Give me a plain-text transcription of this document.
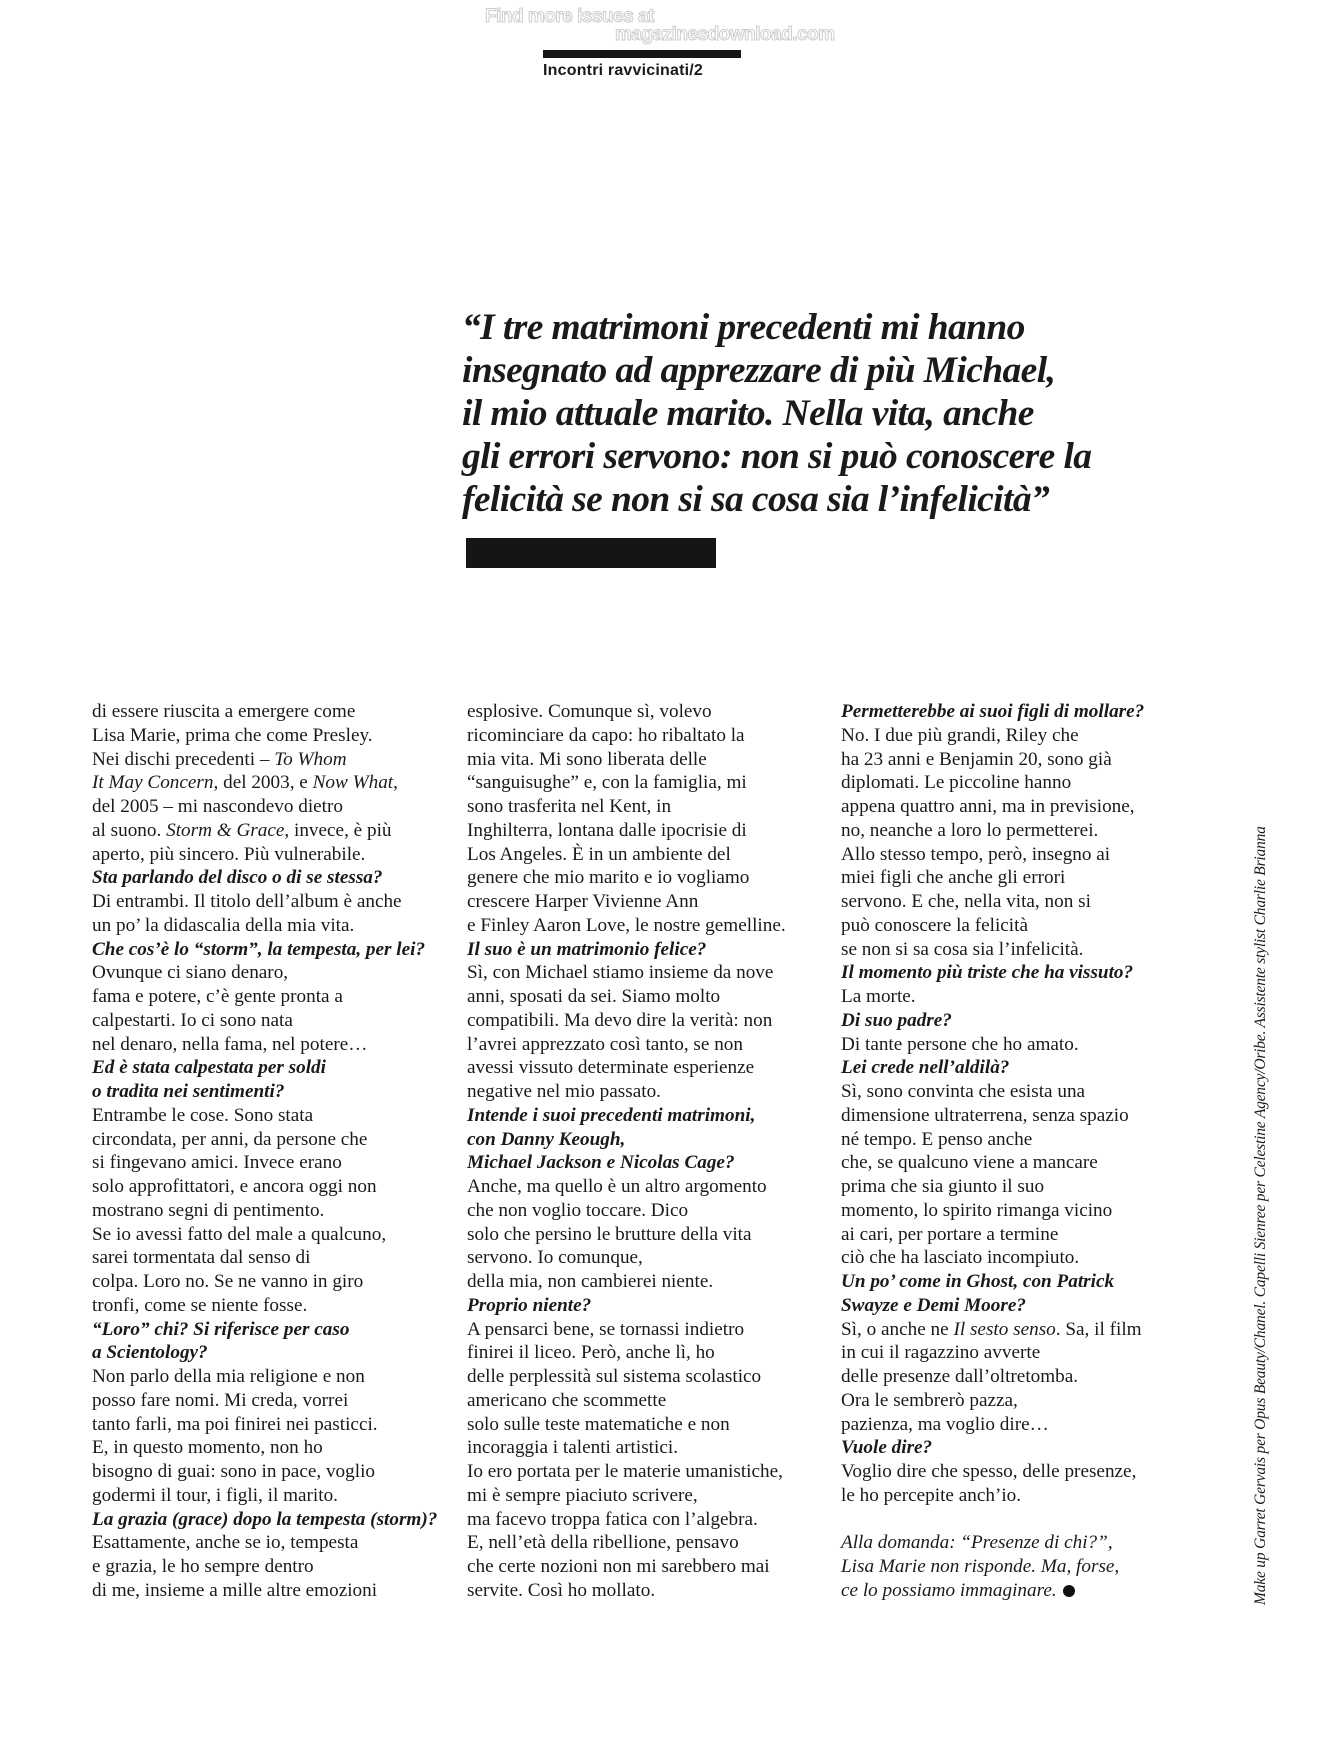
Find more issues at
magazinesdownload.com
Incontri ravvicinati/2
“I tre matrimoni precedenti mi hanno
insegnato ad apprezzare di più Michael,
il mio attuale marito. Nella vita, anche
gli errori servono: non si può conoscere la
felicità se non si sa cosa sia l’infelicità”
di essere riuscita a emergere come
Lisa Marie, prima che come Presley.
Nei dischi precedenti – To Whom
It May Concern, del 2003, e Now What,
del 2005 – mi nascondevo dietro
al suono. Storm & Grace, invece, è più
aperto, più sincero. Più vulnerabile.
Sta parlando del disco o di se stessa?
Di entrambi. Il titolo dell’album è anche
un po’ la didascalia della mia vita.
Che cos’è lo “storm”, la tempesta, per lei?
Ovunque ci siano denaro,
fama e potere, c’è gente pronta a
calpestarti. Io ci sono nata
nel denaro, nella fama, nel potere…
Ed è stata calpestata per soldi
o tradita nei sentimenti?
Entrambe le cose. Sono stata
circondata, per anni, da persone che
si fingevano amici. Invece erano
solo approfittatori, e ancora oggi non
mostrano segni di pentimento.
Se io avessi fatto del male a qualcuno,
sarei tormentata dal senso di
colpa. Loro no. Se ne vanno in giro
tronfi, come se niente fosse.
“Loro” chi? Si riferisce per caso
a Scientology?
Non parlo della mia religione e non
posso fare nomi. Mi creda, vorrei
tanto farli, ma poi finirei nei pasticci.
E, in questo momento, non ho
bisogno di guai: sono in pace, voglio
godermi il tour, i figli, il marito.
La grazia (grace) dopo la tempesta (storm)?
Esattamente, anche se io, tempesta
e grazia, le ho sempre dentro
di me, insieme a mille altre emozioni
esplosive. Comunque sì, volevo
ricominciare da capo: ho ribaltato la
mia vita. Mi sono liberata delle
“sanguisughe” e, con la famiglia, mi
sono trasferita nel Kent, in
Inghilterra, lontana dalle ipocrisie di
Los Angeles. È in un ambiente del
genere che mio marito e io vogliamo
crescere Harper Vivienne Ann
e Finley Aaron Love, le nostre gemelline.
Il suo è un matrimonio felice?
Sì, con Michael stiamo insieme da nove
anni, sposati da sei. Siamo molto
compatibili. Ma devo dire la verità: non
l’avrei apprezzato così tanto, se non
avessi vissuto determinate esperienze
negative nel mio passato.
Intende i suoi precedenti matrimoni,
con Danny Keough,
Michael Jackson e Nicolas Cage?
Anche, ma quello è un altro argomento
che non voglio toccare. Dico
solo che persino le brutture della vita
servono. Io comunque,
della mia, non cambierei niente.
Proprio niente?
A pensarci bene, se tornassi indietro
finirei il liceo. Però, anche lì, ho
delle perplessità sul sistema scolastico
americano che scommette
solo sulle teste matematiche e non
incoraggia i talenti artistici.
Io ero portata per le materie umanistiche,
mi è sempre piaciuto scrivere,
ma facevo troppa fatica con l’algebra.
E, nell’età della ribellione, pensavo
che certe nozioni non mi sarebbero mai
servite. Così ho mollato.
Permetterebbe ai suoi figli di mollare?
No. I due più grandi, Riley che
ha 23 anni e Benjamin 20, sono già
diplomati. Le piccoline hanno
appena quattro anni, ma in previsione,
no, neanche a loro lo permetterei.
Allo stesso tempo, però, insegno ai
miei figli che anche gli errori
servono. E che, nella vita, non si
può conoscere la felicità
se non si sa cosa sia l’infelicità.
Il momento più triste che ha vissuto?
La morte.
Di suo padre?
Di tante persone che ho amato.
Lei crede nell’aldilà?
Sì, sono convinta che esista una
dimensione ultraterrena, senza spazio
né tempo. E penso anche
che, se qualcuno viene a mancare
prima che sia giunto il suo
momento, lo spirito rimanga vicino
ai cari, per portare a termine
ciò che ha lasciato incompiuto.
Un po’ come in Ghost, con Patrick
Swayze e Demi Moore?
Sì, o anche ne Il sesto senso. Sa, il film
in cui il ragazzino avverte
delle presenze dall’oltretomba.
Ora le sembrerò pazza,
pazienza, ma voglio dire…
Vuole dire?
Voglio dire che spesso, delle presenze,
le ho percepite anch’io.
Alla domanda: “Presenze di chi?”,
Lisa Marie non risponde. Ma, forse,
ce lo possiamo immaginare.	Make up Garret Gervais per Opus Beauty/Chanel. Capelli Sienree per Celestine Agency/Oribe. Assistente stylist Charlie Brianna
